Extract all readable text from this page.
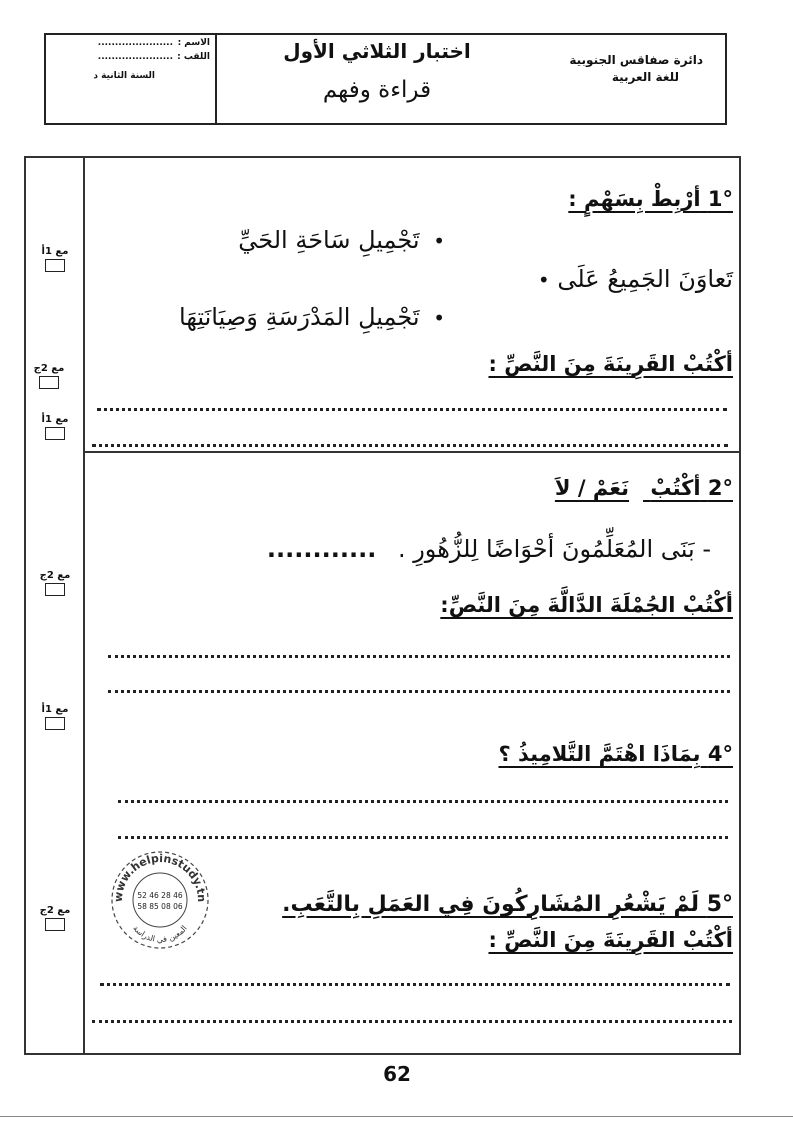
دائرة صفاقس الجنوبية
للغة العربية
اختبار الثلاثي الأول
قراءة وفهم
الاسم :
......................
اللقب :
......................
السنة الثانية د
1° أرْبِطْ بِسَهْمٍ :
• تَجْمِيلِ سَاحَةِ الحَيِّ
تَعاوَنَ الجَمِيعُ عَلَى •
• تَجْمِيلِ المَدْرَسَةِ وَصِيَانَتِهَا
أكْتُبْ القَرِينَةَ مِنَ النَّصِّ :
2° أكْتُبْ نَعَمْ / لاَ
- بَنَى المُعَلِّمُونَ أحْوَاضًا لِلزُّهُورِ . ............
أكْتُبْ الجُمْلَةَ الدَّالَّةَ مِنَ النَّصِّ:
4° بِمَاذَا اهْتَمَّ التَّلامِيذُ ؟
5° لَمْ يَشْعُرِ المُشَارِكُونَ فِي العَمَلِ بِالتَّعَبِ.
أكْتُبْ القَرِينَةَ مِنَ النَّصِّ :
www.helpinstudy.tn
52 46 28 46
58 85 08 06
المعين في الدراسة
مع 1أ
مع 2ج
مع 1أ
مع 2ج
مع 1أ
مع 2ج
62
